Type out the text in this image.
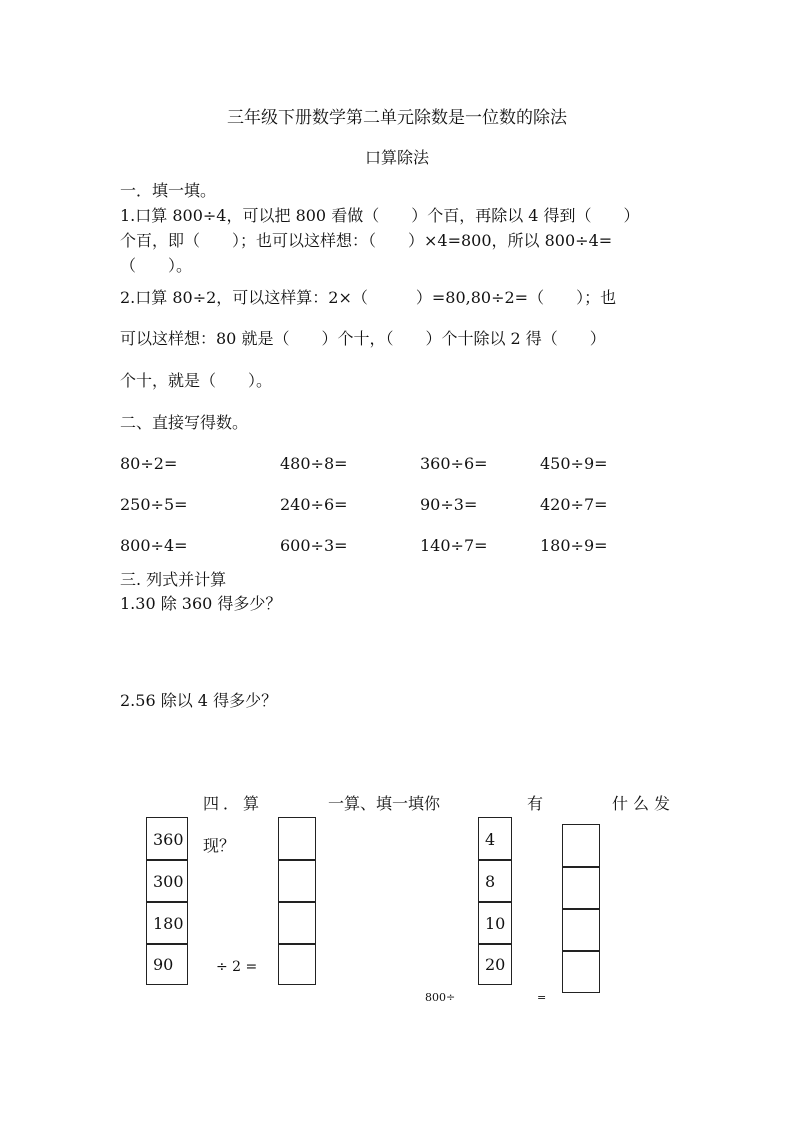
三年级下册数学第二单元除数是一位数的除法
口算除法
一．填一填。
1.口算 800÷4，可以把 800 看做（　　）个百，再除以 4 得到（　　）
个百，即（　　）；也可以这样想：（　　）×4=800，所以 800÷4=
（　　）。
2.口算 80÷2，可以这样算：2×（　　　）=80,80÷2=（　　）；也
可以这样想：80 就是（　　）个十，（　　）个十除以 2 得（　　）
个十，就是（　　）。
二、直接写得数。
80÷2=	480÷8=	360÷6=	450÷9=
250÷5=	240÷6=	90÷3=	420÷7=
800÷4=	600÷3=	140÷7=	180÷9=
三. 列式并计算
1.30 除 360 得多少？
2.56 除以 4 得多少？
四．算	一算、填一填你	有	什么发
现？
360
300
180
90	÷ 2 =
4
8
10
20
800÷	=
